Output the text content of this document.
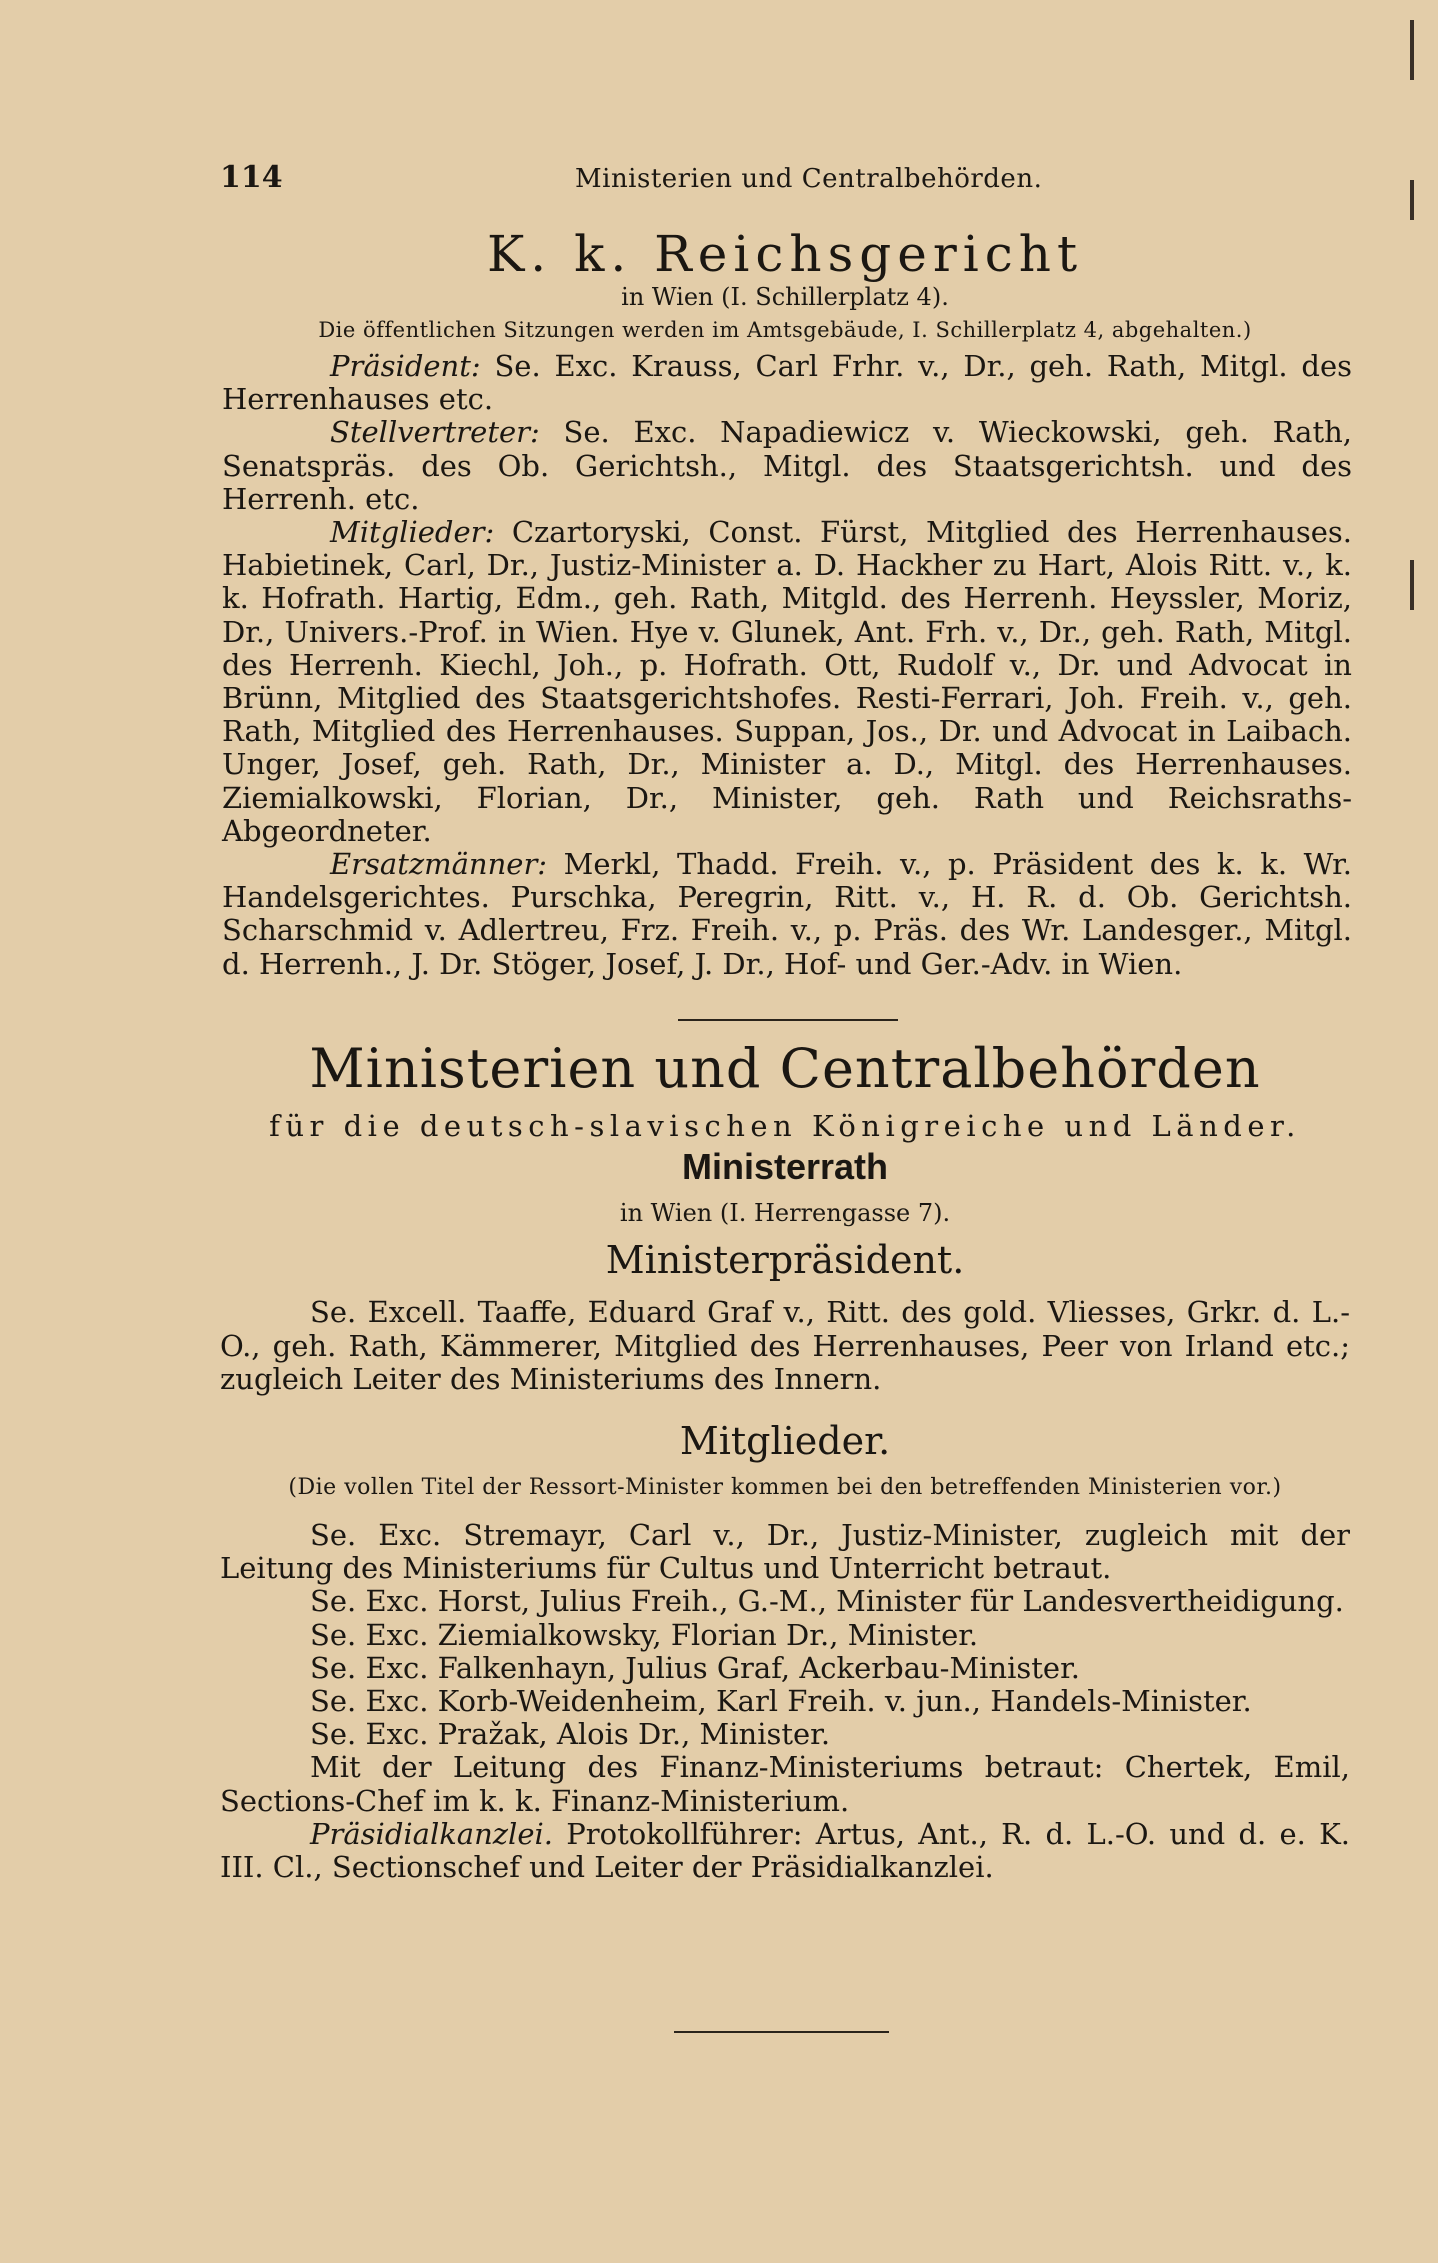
114	Ministerien und Centralbehörden.
K. k. Reichsgericht
in Wien (I. Schillerplatz 4).
Die öffentlichen Sitzungen werden im Amtsgebäude, I. Schillerplatz 4, abgehalten.)

Präsident: Se. Exc. Krauss, Carl Frhr. v., Dr., geh. Rath, Mitgl. des Herrenhauses etc.

Stellvertreter: Se. Exc. Napadiewicz v. Wieckowski, geh. Rath, Senatspräs. des Ob. Gerichtsh., Mitgl. des Staatsgerichtsh. und des Herrenh. etc.

Mitglieder: Czartoryski, Const. Fürst, Mitglied des Herrenhauses. Habietinek, Carl, Dr., Justiz-Minister a. D. Hackher zu Hart, Alois Ritt. v., k. k. Hofrath. Hartig, Edm., geh. Rath, Mitgld. des Herrenh. Heyssler, Moriz, Dr., Univers.-Prof. in Wien. Hye v. Glunek, Ant. Frh. v., Dr., geh. Rath, Mitgl. des Herrenh. Kiechl, Joh., p. Hofrath. Ott, Rudolf v., Dr. und Advocat in Brünn, Mitglied des Staatsgerichtshofes. Resti-Ferrari, Joh. Freih. v., geh. Rath, Mitglied des Herrenhauses. Suppan, Jos., Dr. und Advocat in Laibach. Unger, Josef, geh. Rath, Dr., Minister a. D., Mitgl. des Herrenhauses. Ziemialkowski, Florian, Dr., Minister, geh. Rath und Reichsraths-Abgeordneter.

Ersatzmänner: Merkl, Thadd. Freih. v., p. Präsident des k. k. Wr. Handelsgerichtes. Purschka, Peregrin, Ritt. v., H. R. d. Ob. Gerichtsh. Scharschmid v. Adlertreu, Frz. Freih. v., p. Präs. des Wr. Landesger., Mitgl. d. Herrenh., J. Dr. Stöger, Josef, J. Dr., Hof- und Ger.-Adv. in Wien.

Ministerien und Centralbehörden
für die deutsch-slavischen Königreiche und Länder.
Ministerrath
in Wien (I. Herrengasse 7).
Ministerpräsident.

Se. Excell. Taaffe, Eduard Graf v., Ritt. des gold. Vliesses, Grkr. d. L.-O., geh. Rath, Kämmerer, Mitglied des Herrenhauses, Peer von Irland etc.; zugleich Leiter des Ministeriums des Innern.

Mitglieder.
(Die vollen Titel der Ressort-Minister kommen bei den betreffenden Ministerien vor.)

Se. Exc. Stremayr, Carl v., Dr., Justiz-Minister, zugleich mit der Leitung des Ministeriums für Cultus und Unterricht betraut.

Se. Exc. Horst, Julius Freih., G.-M., Minister für Landesvertheidigung.

Se. Exc. Ziemialkowsky, Florian Dr., Minister.

Se. Exc. Falkenhayn, Julius Graf, Ackerbau-Minister.

Se. Exc. Korb-Weidenheim, Karl Freih. v. jun., Handels-Minister.

Se. Exc. Pražak, Alois Dr., Minister.

Mit der Leitung des Finanz-Ministeriums betraut: Chertek, Emil, Sections-Chef im k. k. Finanz-Ministerium.

Präsidialkanzlei. Protokollführer: Artus, Ant., R. d. L.-O. und d. e. K. III. Cl., Sectionschef und Leiter der Präsidialkanzlei.
